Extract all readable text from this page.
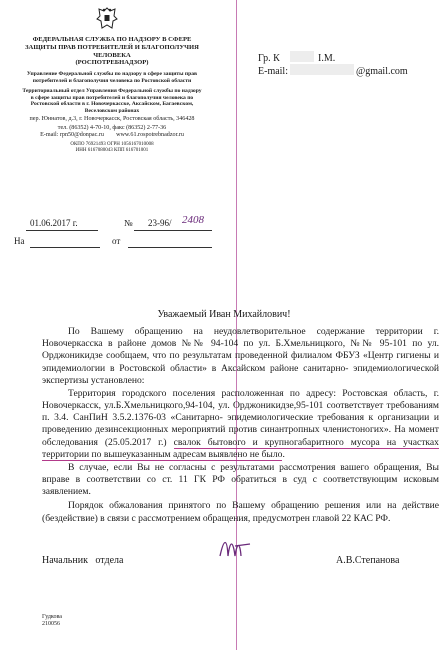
ФЕДЕРАЛЬНАЯ СЛУЖБА ПО НАДЗОРУ В СФЕРЕ ЗАЩИТЫ ПРАВ ПОТРЕБИТЕЛЕЙ И БЛАГОПОЛУЧИЯ ЧЕЛОВЕКА
(РОСПОТРЕБНАДЗОР)
Управление Федеральной службы по надзору в сфере защиты прав потребителей и благополучия человека по Ростовской области
Территориальный отдел Управления Федеральной службы по надзору в сфере защиты прав потребителей и благополучия человека по Ростовской области в г. Новочеркасске, Аксайском, Багаевском, Веселовском районах
пер. Юннатов, д.3, г. Новочеркасск, Ростовская область, 346428
тел. (86352) 4-70-10, факс (86352) 2-77-36
E-mail: rpn50@donpac.ru        www.61.rospotrebnadzor.ru
ОКПО 76921493 ОГРН 1056167010008
ИНН 6167080043 КПП 616701001
01.06.2017 г.	№ 23-96/ 2408
На	от
Гр. К	I.M.
E-mail:	@gmail.com
Уважаемый Иван Михайлович!

По Вашему обращению на неудовлетворительное содержание территории г. Новочеркасска в районе домов №№ 94-104 по ул. Б.Хмельницкого, №№ 95-101 по ул. Орджоникидзе сообщаем, что по результатам проведенной филиалом ФБУЗ «Центр гигиены и эпидемиологии в Ростовской области» в Аксайском районе санитарно- эпидемиологической экспертизы установлено:

Территория городского поселения расположенная по адресу: Ростовская область, г. Новочеркасск, ул.Б.Хмельницкого,94-104, ул. Орджоникидзе,95-101 соответствует требованиям п. 3.4. СанПиН 3.5.2.1376-03 «Санитарно- эпидемиологические требования к организации и проведению дезинсекционных мероприятий против синантропных членистоногих». На момент обследования (25.05.2017 г.) свалок бытового и крупногабаритного мусора на участках территории по вышеуказанным адресам выявлено не было.

В случае, если Вы не согласны с результатами рассмотрения вашего обращения, Вы вправе в соответствии со ст. 11 ГК РФ обратиться в суд с соответствующим исковым заявлением.

Порядок обжалования принятого по Вашему обращению решения или на действие (бездействие) в связи с рассмотрением обращения, предусмотрен главой 22 КАС РФ.

Начальник отдела	А.В.Степанова
Гудкова
210056
